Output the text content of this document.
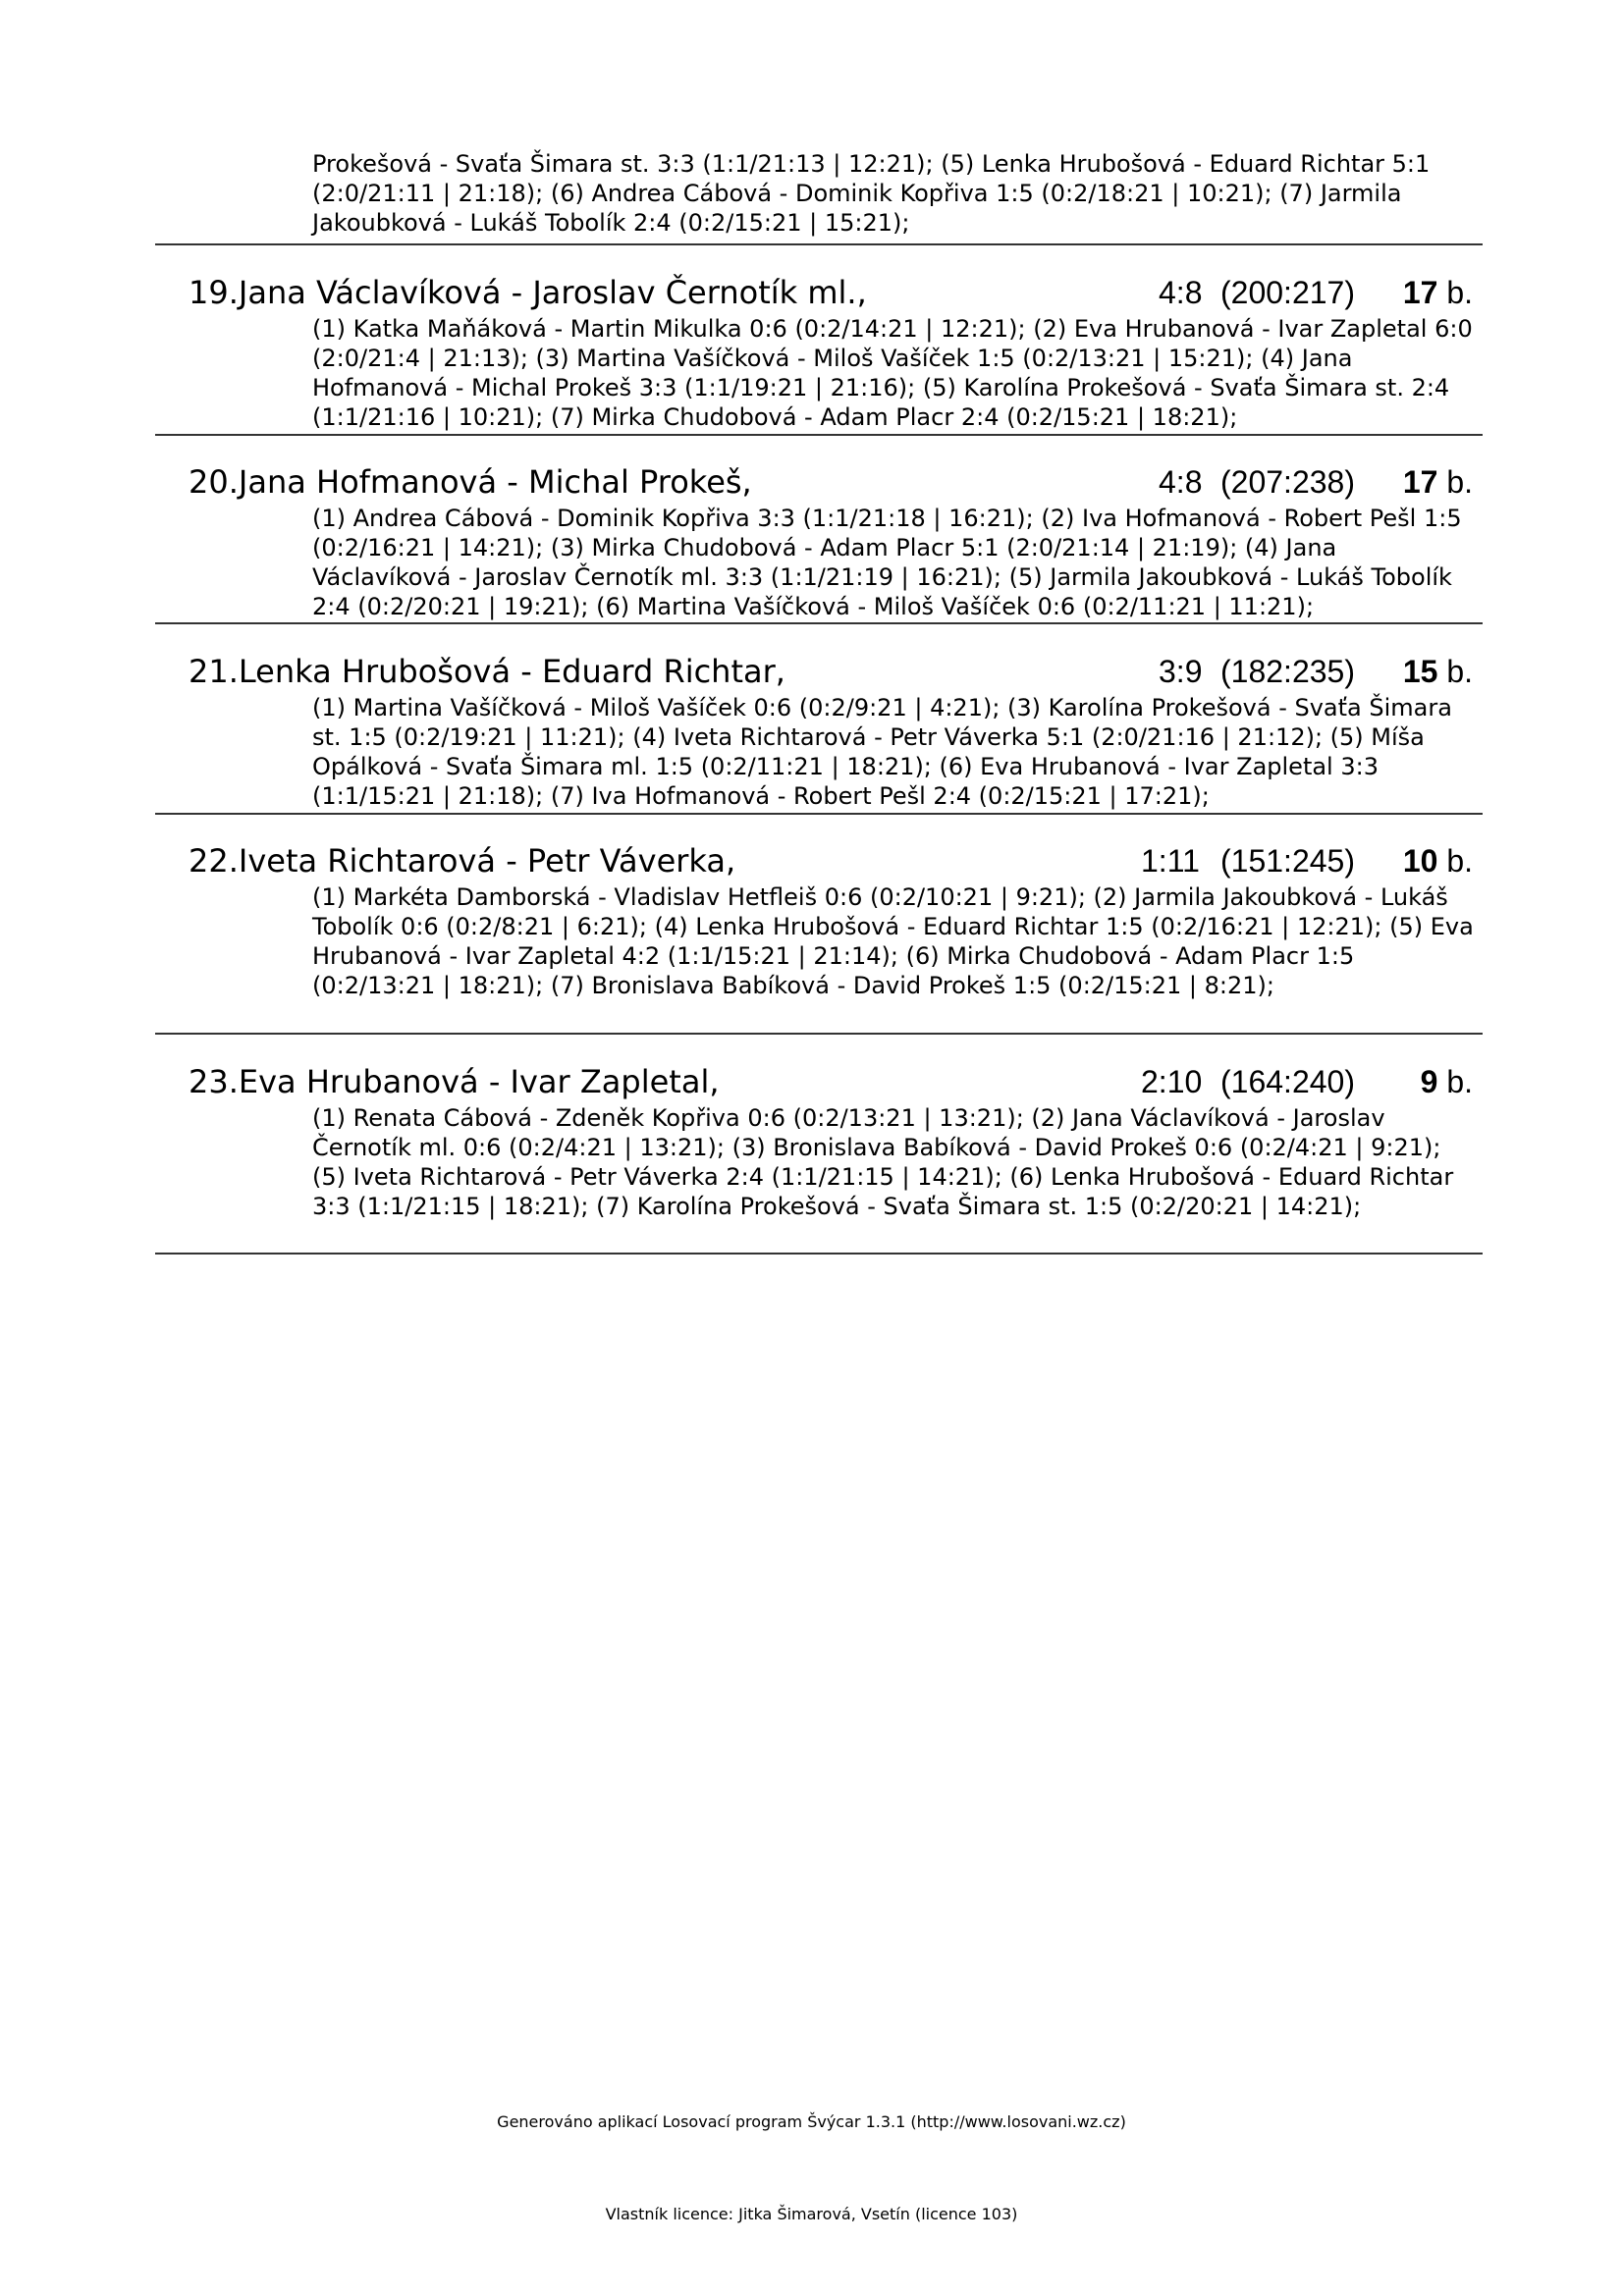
Prokešová - Svaťa Šimara st. 3:3 (1:1/21:13 | 12:21); (5) Lenka Hrubošová - Eduard Richtar 5:1 (2:0/21:11 | 21:18); (6) Andrea Cábová - Dominik Kopřiva 1:5 (0:2/18:21 | 10:21); (7) Jarmila Jakoubková - Lukáš Tobolík 2:4 (0:2/15:21 | 15:21);
19.Jana Václavíková - Jaroslav Černotík ml.,	4:8 (200:217) 17 b.
(1) Katka Maňáková - Martin Mikulka 0:6 (0:2/14:21 | 12:21); (2) Eva Hrubanová - Ivar Zapletal 6:0 (2:0/21:4 | 21:13); (3) Martina Vašíčková - Miloš Vašíček 1:5 (0:2/13:21 | 15:21); (4) Jana Hofmanová - Michal Prokeš 3:3 (1:1/19:21 | 21:16); (5) Karolína Prokešová - Svaťa Šimara st. 2:4 (1:1/21:16 | 10:21); (7) Mirka Chudobová - Adam Placr 2:4 (0:2/15:21 | 18:21);
20.Jana Hofmanová - Michal Prokeš,	4:8 (207:238) 17 b.
(1) Andrea Cábová - Dominik Kopřiva 3:3 (1:1/21:18 | 16:21); (2) Iva Hofmanová - Robert Pešl 1:5 (0:2/16:21 | 14:21); (3) Mirka Chudobová - Adam Placr 5:1 (2:0/21:14 | 21:19); (4) Jana Václavíková - Jaroslav Černotík ml. 3:3 (1:1/21:19 | 16:21); (5) Jarmila Jakoubková - Lukáš Tobolík 2:4 (0:2/20:21 | 19:21); (6) Martina Vašíčková - Miloš Vašíček 0:6 (0:2/11:21 | 11:21);
21.Lenka Hrubošová - Eduard Richtar,	3:9 (182:235) 15 b.
(1) Martina Vašíčková - Miloš Vašíček 0:6 (0:2/9:21 | 4:21); (3) Karolína Prokešová - Svaťa Šimara st. 1:5 (0:2/19:21 | 11:21); (4) Iveta Richtarová - Petr Váverka 5:1 (2:0/21:16 | 21:12); (5) Míša Opálková - Svaťa Šimara ml. 1:5 (0:2/11:21 | 18:21); (6) Eva Hrubanová - Ivar Zapletal 3:3 (1:1/15:21 | 21:18); (7) Iva Hofmanová - Robert Pešl 2:4 (0:2/15:21 | 17:21);
22.Iveta Richtarová - Petr Váverka,	1:11 (151:245) 10 b.
(1) Markéta Damborská - Vladislav Hetfleiš 0:6 (0:2/10:21 | 9:21); (2) Jarmila Jakoubková - Lukáš Tobolík 0:6 (0:2/8:21 | 6:21); (4) Lenka Hrubošová - Eduard Richtar 1:5 (0:2/16:21 | 12:21); (5) Eva Hrubanová - Ivar Zapletal 4:2 (1:1/15:21 | 21:14); (6) Mirka Chudobová - Adam Placr 1:5 (0:2/13:21 | 18:21); (7) Bronislava Babíková - David Prokeš 1:5 (0:2/15:21 | 8:21);
23.Eva Hrubanová - Ivar Zapletal,	2:10 (164:240) 9 b.
(1) Renata Cábová - Zdeněk Kopřiva 0:6 (0:2/13:21 | 13:21); (2) Jana Václavíková - Jaroslav Černotík ml. 0:6 (0:2/4:21 | 13:21); (3) Bronislava Babíková - David Prokeš 0:6 (0:2/4:21 | 9:21); (5) Iveta Richtarová - Petr Váverka 2:4 (1:1/21:15 | 14:21); (6) Lenka Hrubošová - Eduard Richtar 3:3 (1:1/21:15 | 18:21); (7) Karolína Prokešová - Svaťa Šimara st. 1:5 (0:2/20:21 | 14:21);
Generováno aplikací Losovací program Švýcar 1.3.1 (http://www.losovani.wz.cz)
Vlastník licence: Jitka Šimarová, Vsetín (licence 103)
